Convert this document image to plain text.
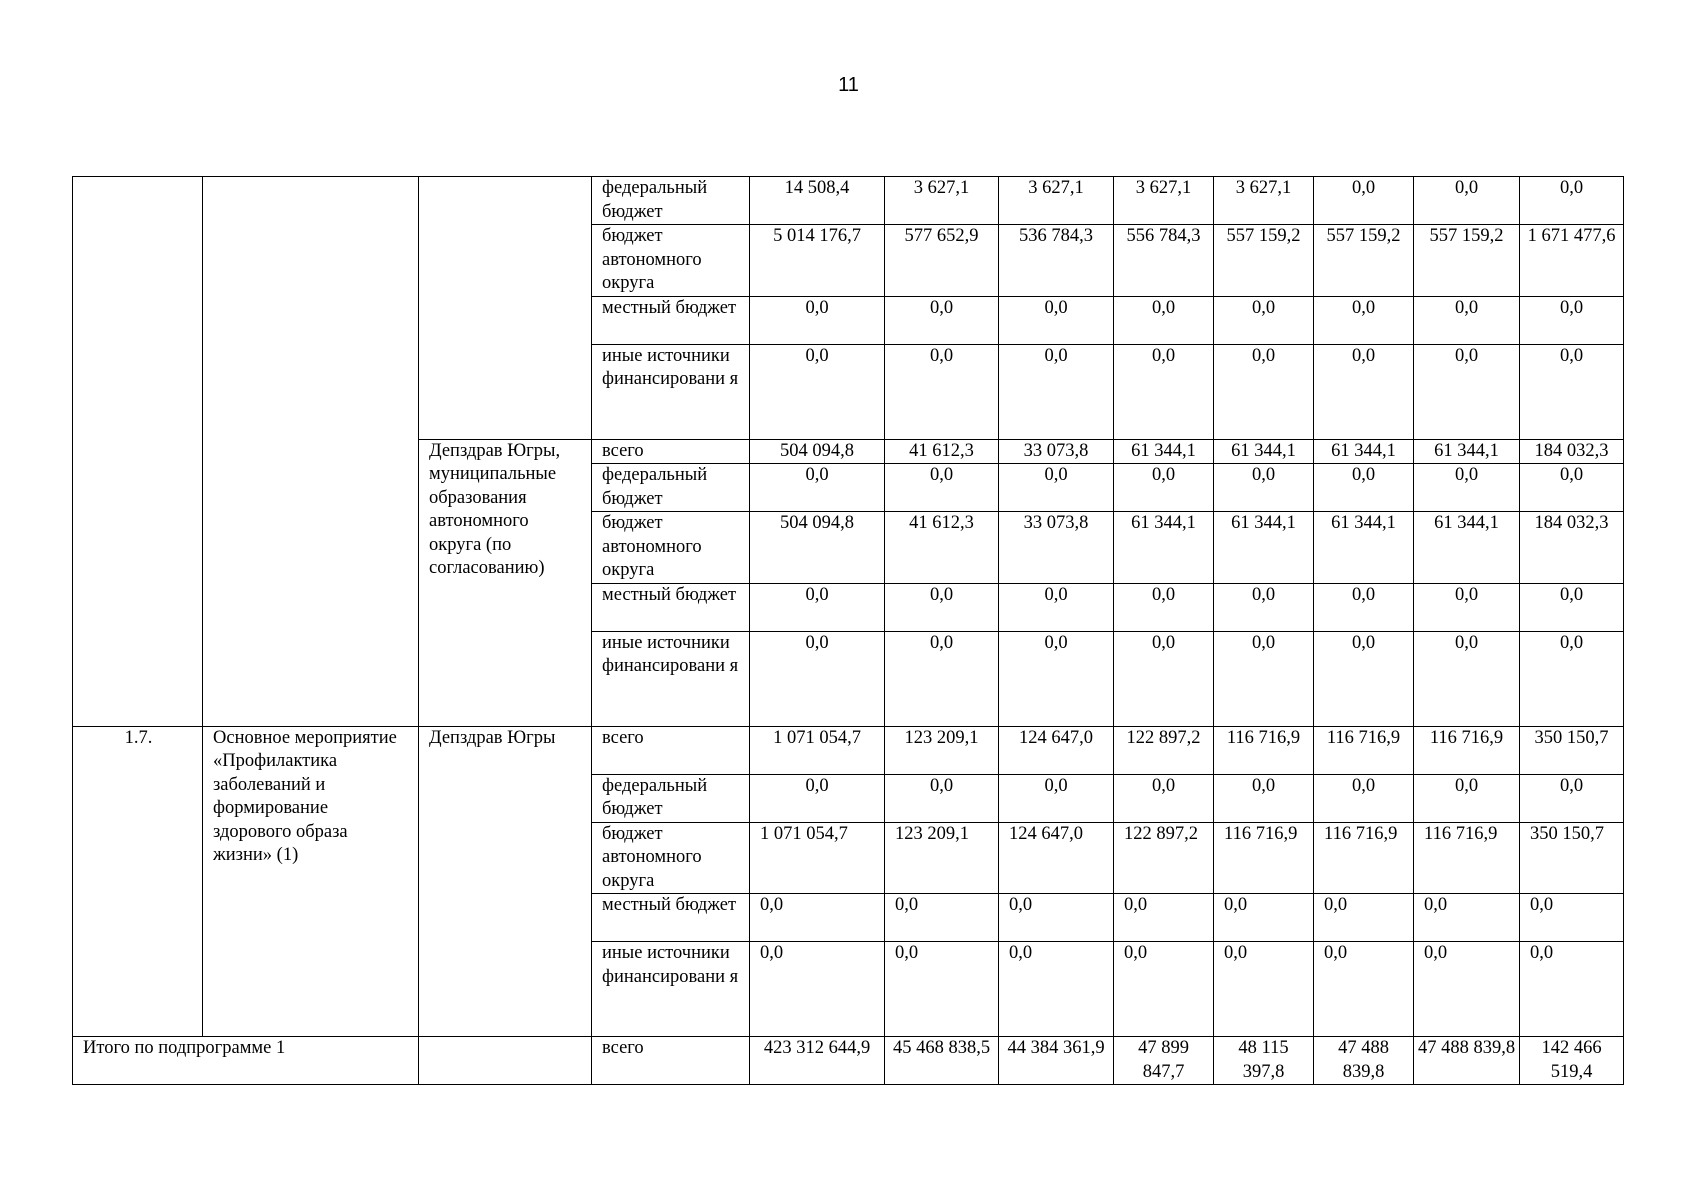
11
			федеральный бюджет	14 508,4	3 627,1	3 627,1	3 627,1	3 627,1	0,0	0,0	0,0
			бюджет автономного округа	5 014 176,7	577 652,9	536 784,3	556 784,3	557 159,2	557 159,2	557 159,2	1 671 477,6
			местный бюджет	0,0	0,0	0,0	0,0	0,0	0,0	0,0	0,0
			иные источники финансировани я	0,0	0,0	0,0	0,0	0,0	0,0	0,0	0,0
		Депздрав Югры, муниципальные образования автономного округа (по согласованию)	всего	504 094,8	41 612,3	33 073,8	61 344,1	61 344,1	61 344,1	61 344,1	184 032,3
			федеральный бюджет	0,0	0,0	0,0	0,0	0,0	0,0	0,0	0,0
			бюджет автономного округа	504 094,8	41 612,3	33 073,8	61 344,1	61 344,1	61 344,1	61 344,1	184 032,3
			местный бюджет	0,0	0,0	0,0	0,0	0,0	0,0	0,0	0,0
			иные источники финансировани я	0,0	0,0	0,0	0,0	0,0	0,0	0,0	0,0
1.7.	Основное мероприятие «Профилактика заболеваний и формирование здорового образа жизни» (1)	Депздрав Югры	всего	1 071 054,7	123 209,1	124 647,0	122 897,2	116 716,9	116 716,9	116 716,9	350 150,7
			федеральный бюджет	0,0	0,0	0,0	0,0	0,0	0,0	0,0	0,0
			бюджет автономного округа	1 071 054,7	123 209,1	124 647,0	122 897,2	116 716,9	116 716,9	116 716,9	350 150,7
			местный бюджет	0,0	0,0	0,0	0,0	0,0	0,0	0,0	0,0
			иные источники финансировани я	0,0	0,0	0,0	0,0	0,0	0,0	0,0	0,0
Итого по подпрограмме 1			всего	423 312 644,9	45 468 838,5	44 384 361,9	47 899 847,7	48 115 397,8	47 488 839,8	47 488 839,8	142 466 519,4
